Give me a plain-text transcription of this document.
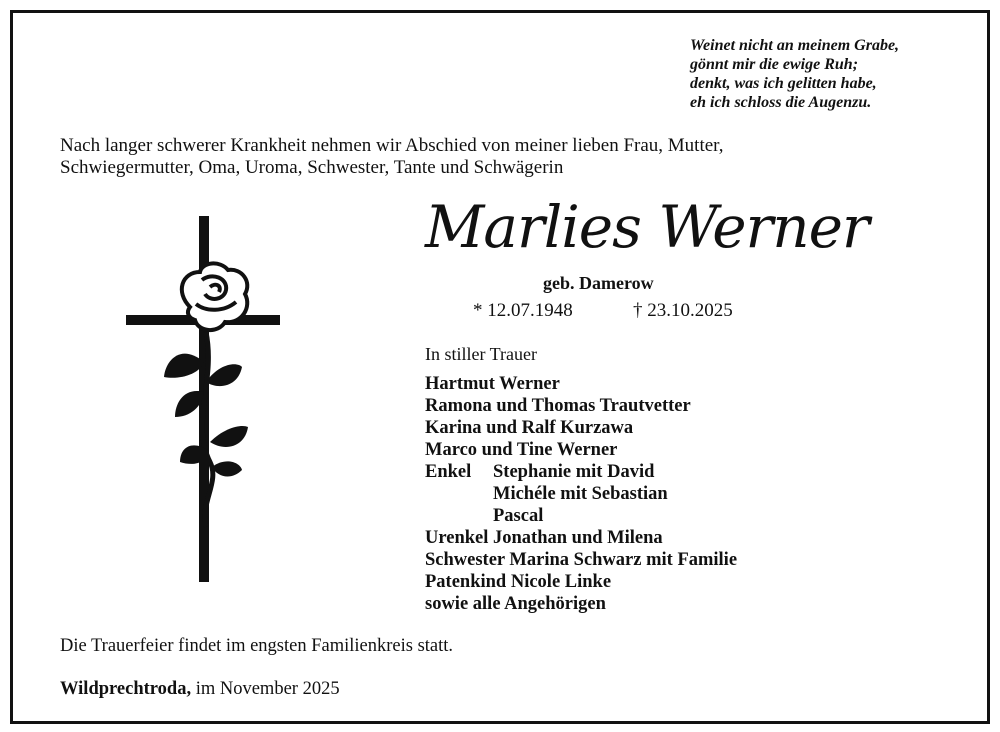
Weinet nicht an meinem Grabe,
gönnt mir die ewige Ruh;
denkt, was ich gelitten habe,
eh ich schloss die Augenzu.
Nach langer schwerer Krankheit nehmen wir Abschied von meiner lieben Frau, Mutter,
Schwiegermutter, Oma, Uroma, Schwester, Tante und Schwägerin
Marlies Werner
geb. Damerow
* 12.07.1948	† 23.10.2025
In stiller Trauer
Hartmut Werner
Ramona und Thomas Trautvetter
Karina und Ralf Kurzawa
Marco und Tine Werner
Enkel Stephanie mit David
Michéle mit Sebastian
Pascal
Urenkel Jonathan und Milena
Schwester Marina Schwarz mit Familie
Patenkind Nicole Linke
sowie alle Angehörigen
Die Trauerfeier findet im engsten Familienkreis statt.
Wildprechtroda, im November 2025
